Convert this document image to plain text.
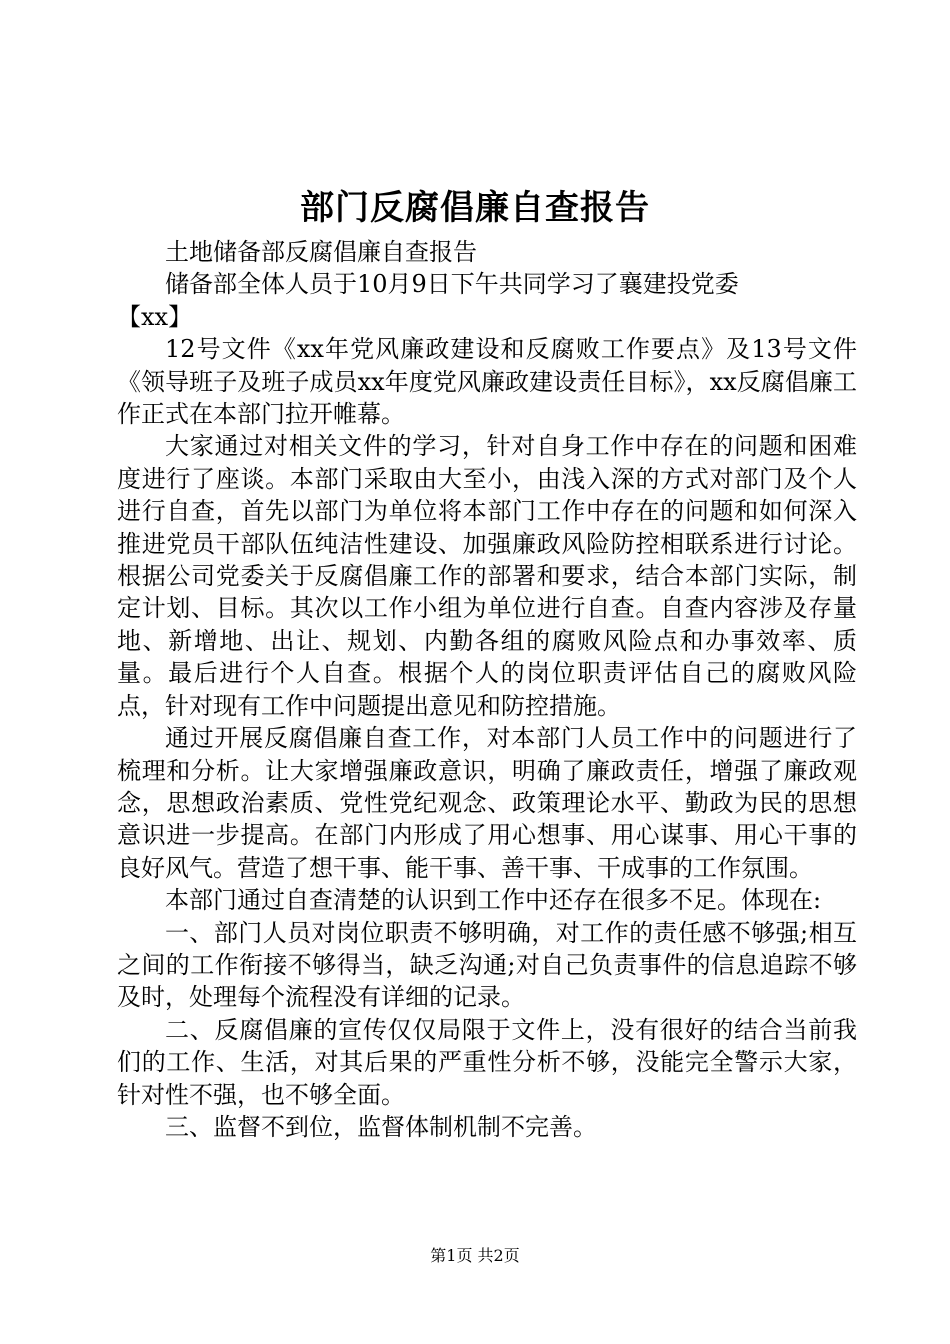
部门反腐倡廉自查报告

土地储备部反腐倡廉自查报告

储备部全体人员于10月9日下午共同学习了襄建投党委

【xx】

12号文件《xx年党风廉政建设和反腐败工作要点》及13号文件《领导班子及班子成员xx年度党风廉政建设责任目标》，xx反腐倡廉工作正式在本部门拉开帷幕。

大家通过对相关文件的学习，针对自身工作中存在的问题和困难度进行了座谈。本部门采取由大至小，由浅入深的方式对部门及个人进行自查，首先以部门为单位将本部门工作中存在的问题和如何深入推进党员干部队伍纯洁性建设、加强廉政风险防控相联系进行讨论。根据公司党委关于反腐倡廉工作的部署和要求，结合本部门实际，制定计划、目标。其次以工作小组为单位进行自查。自查内容涉及存量地、新增地、出让、规划、内勤各组的腐败风险点和办事效率、质量。最后进行个人自查。根据个人的岗位职责评估自己的腐败风险点，针对现有工作中问题提出意见和防控措施。

通过开展反腐倡廉自查工作，对本部门人员工作中的问题进行了梳理和分析。让大家增强廉政意识，明确了廉政责任，增强了廉政观念，思想政治素质、党性党纪观念、政策理论水平、勤政为民的思想意识进一步提高。在部门内形成了用心想事、用心谋事、用心干事的良好风气。营造了想干事、能干事、善干事、干成事的工作氛围。

本部门通过自查清楚的认识到工作中还存在很多不足。体现在:

一、部门人员对岗位职责不够明确，对工作的责任感不够强;相互之间的工作衔接不够得当，缺乏沟通;对自己负责事件的信息追踪不够及时，处理每个流程没有详细的记录。

二、反腐倡廉的宣传仅仅局限于文件上，没有很好的结合当前我们的工作、生活，对其后果的严重性分析不够，没能完全警示大家，针对性不强，也不够全面。

三、监督不到位，监督体制机制不完善。

第1页 共2页
